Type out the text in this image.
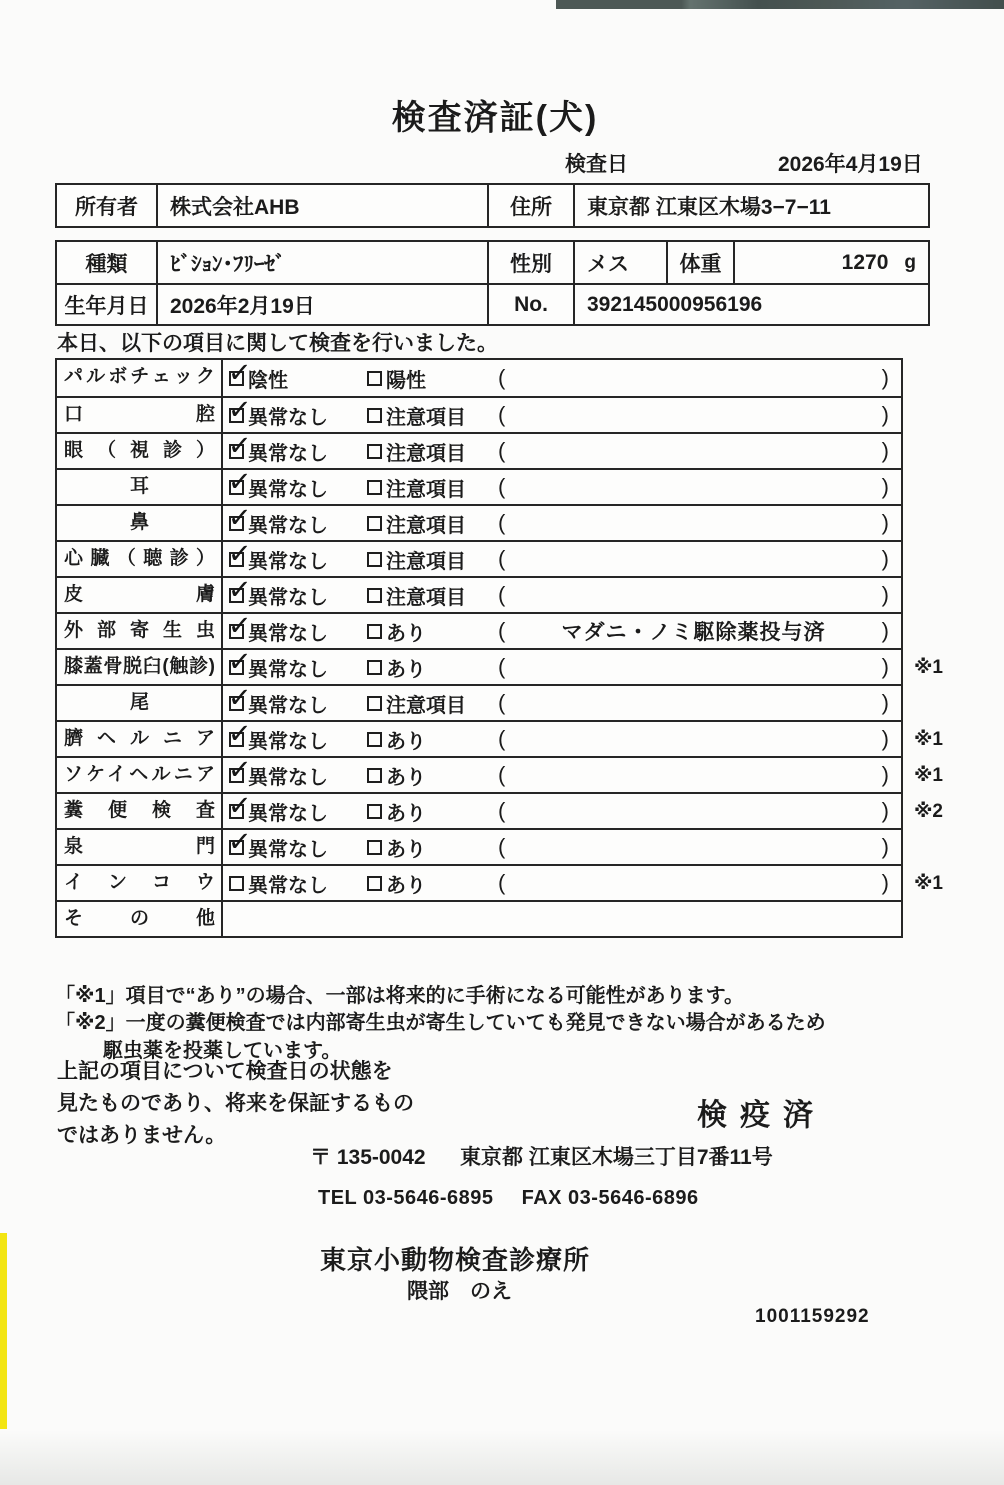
検査済証(犬)
検査日	2026年4月19日
所有者	株式会社AHB	住所	東京都 江東区木場3−7−11
種類	ﾋﾞｼｮﾝ･ﾌﾘｰｾﾞ	性別	メス	体重	1270 g
生年月日	2026年2月19日	No.	392145000956196
本日、以下の項目に関して検査を行いました。
パルボチェック ✓	陰性	陽性	(	)
口腔 ✓	異常なし	注意項目 (	)
眼（視診） ✓	異常なし	注意項目 (	)
耳 ✓	異常なし	注意項目 (	)
鼻 ✓	異常なし	注意項目 (	)
心臓（聴診） ✓	異常なし	注意項目 (	)
皮膚 ✓	異常なし	注意項目 (	)
外部寄生虫 ✓	異常なし	あり	(	マダニ・ノミ駆除薬投与済	)
膝蓋骨脱臼(触診) ✓	異常なし	あり	(	) ※1
尾 ✓	異常なし	注意項目 (	)
臍ヘルニア ✓	異常なし	あり	(	) ※1
ソケイヘルニア ✓	異常なし	あり	(	) ※1
糞便検査 ✓	異常なし	あり	(	) ※2
泉門 ✓	異常なし	あり	(	)
インコウ	異常なし	あり	(	) ※1
その他
「※1」項目で“あり”の場合、一部は将来的に手術になる可能性があります。
「※2」一度の糞便検査では内部寄生虫が寄生していても発見できない場合があるため
駆虫薬を投薬しています。
上記の項目について検査日の状態を
見たものであり、将来を保証するもの
ではありません。
検疫済
〒 135-0042 東京都 江東区木場三丁目7番11号
TEL 03-5646-6895 FAX 03-5646-6896
東京小動物検査診療所
隈部　のえ
1001159292
